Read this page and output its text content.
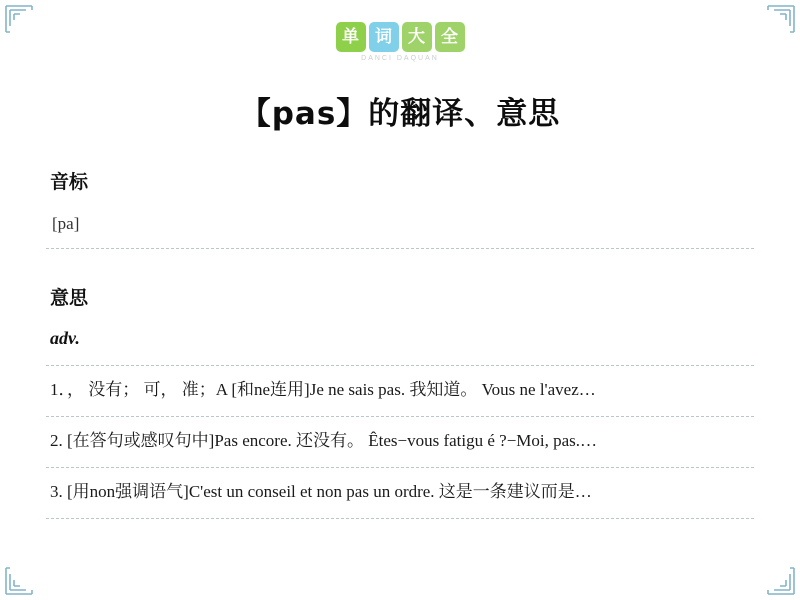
单 词 大 全
DANCI DAQUAN
【pas】的翻译、意思
音标
[pa]
意思
adv.
1．， 没有； 可， 准；A [和ne连用]Je ne sais pas. 我知道。 Vous ne l'avez…
2. [在答句或感叹句中]Pas encore. 还没有。 Êtes−vous fatigu é ?−Moi, pas.…
3. [用non强调语气]C'est un conseil et non pas un ordre. 这是一条建议而是…
